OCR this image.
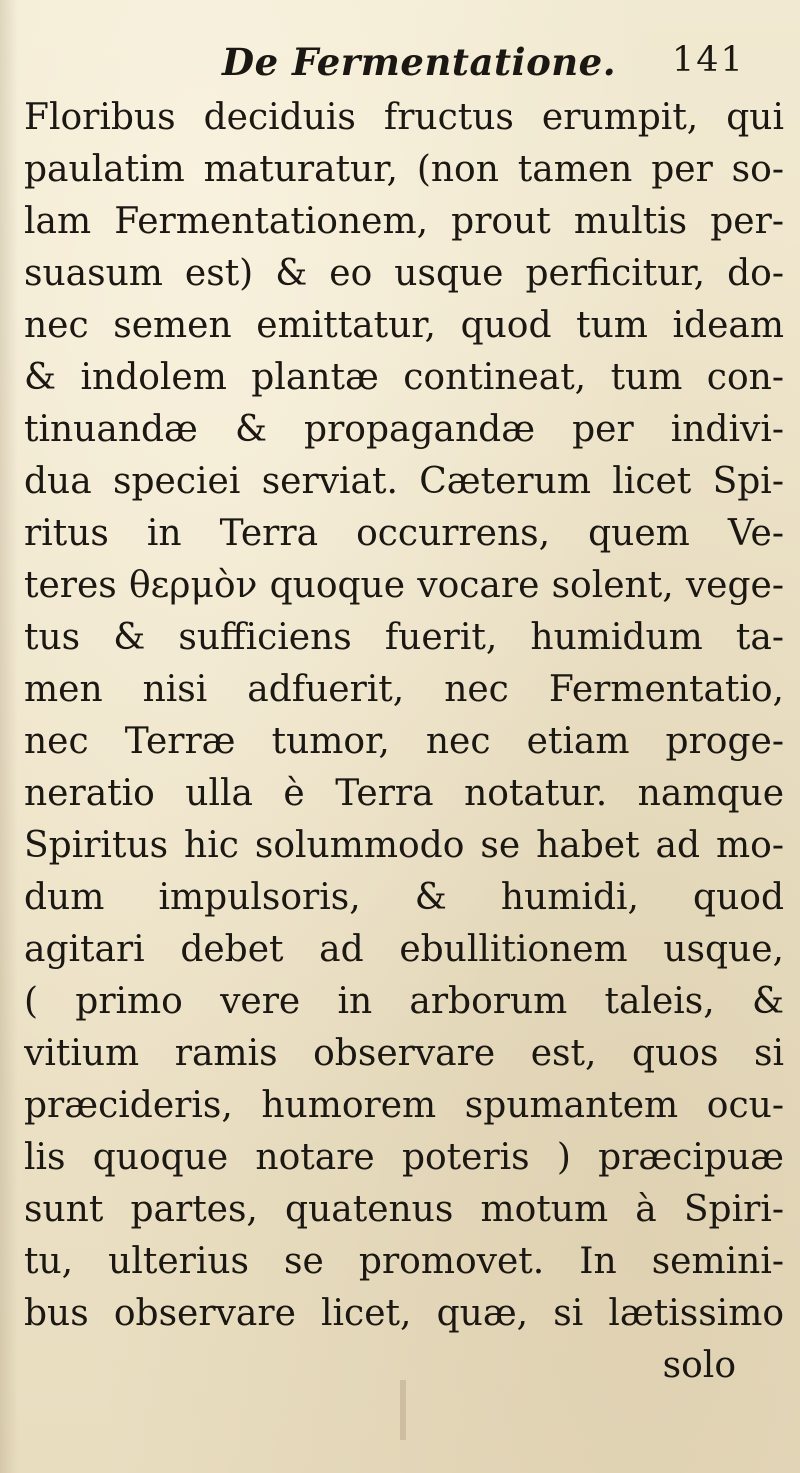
De Fermentatione. 141
Floribus deciduis fructus erumpit, qui
paulatim maturatur, (non tamen per so-
lam Fermentationem, prout multis per-
suasum est) & eo usque perficitur, do-
nec semen emittatur, quod tum ideam
& indolem plantæ contineat, tum con-
tinuandæ & propagandæ per indivi-
dua speciei serviat. Cæterum licet Spi-
ritus in Terra occurrens, quem Ve-
teres θερμὸν quoque vocare solent, vege-
tus & sufficiens fuerit, humidum ta-
men nisi adfuerit, nec Fermentatio,
nec Terræ tumor, nec etiam proge-
neratio ulla è Terra notatur. namque
Spiritus hic solummodo se habet ad mo-
dum impulsoris, & humidi, quod
agitari debet ad ebullitionem usque,
( primo vere in arborum taleis, &
vitium ramis observare est, quos si
præcideris, humorem spumantem ocu-
lis quoque notare poteris ) præcipuæ
sunt partes, quatenus motum à Spiri-
tu, ulterius se promovet. In semini-
bus observare licet, quæ, si lætissimo
solo
